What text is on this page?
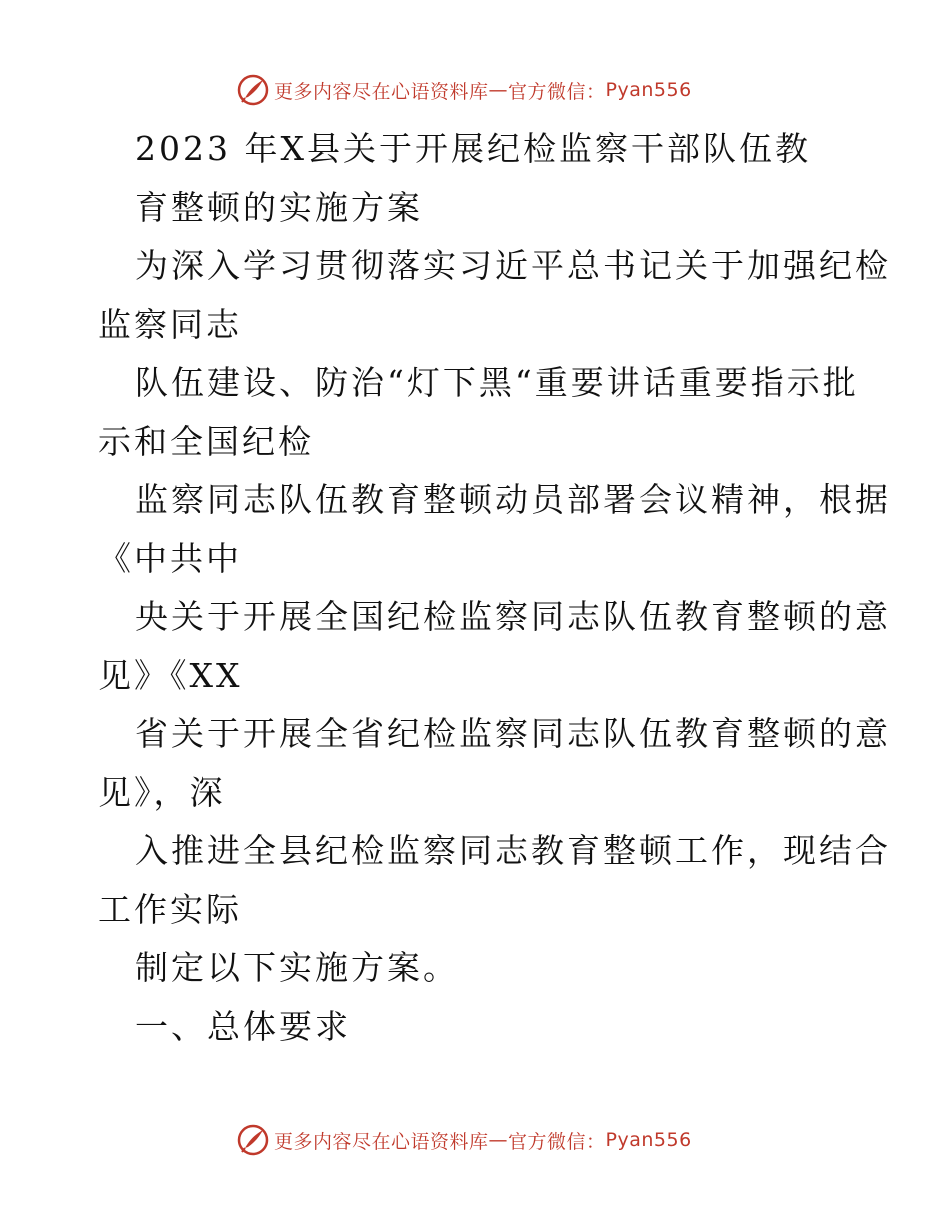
更多内容尽在心语资料库 — 官方微信： Pyan556
2023 年X县关于开展纪检监察干部队伍教
育整顿的实施方案
为深入学习贯彻落实习近平总书记关于加强纪检
监察同志
队伍建设、防治“灯下黑“重要讲话重要指示批
示和全国纪检
监察同志队伍教育整顿动员部署会议精神，根据
《中共中
央关于开展全国纪检监察同志队伍教育整顿的意
见》《XX
省关于开展全省纪检监察同志队伍教育整顿的意
见》，深
入推进全县纪检监察同志教育整顿工作，现结合
工作实际
制定以下实施方案。
一、总体要求
更多内容尽在心语资料库 — 官方微信： Pyan556
